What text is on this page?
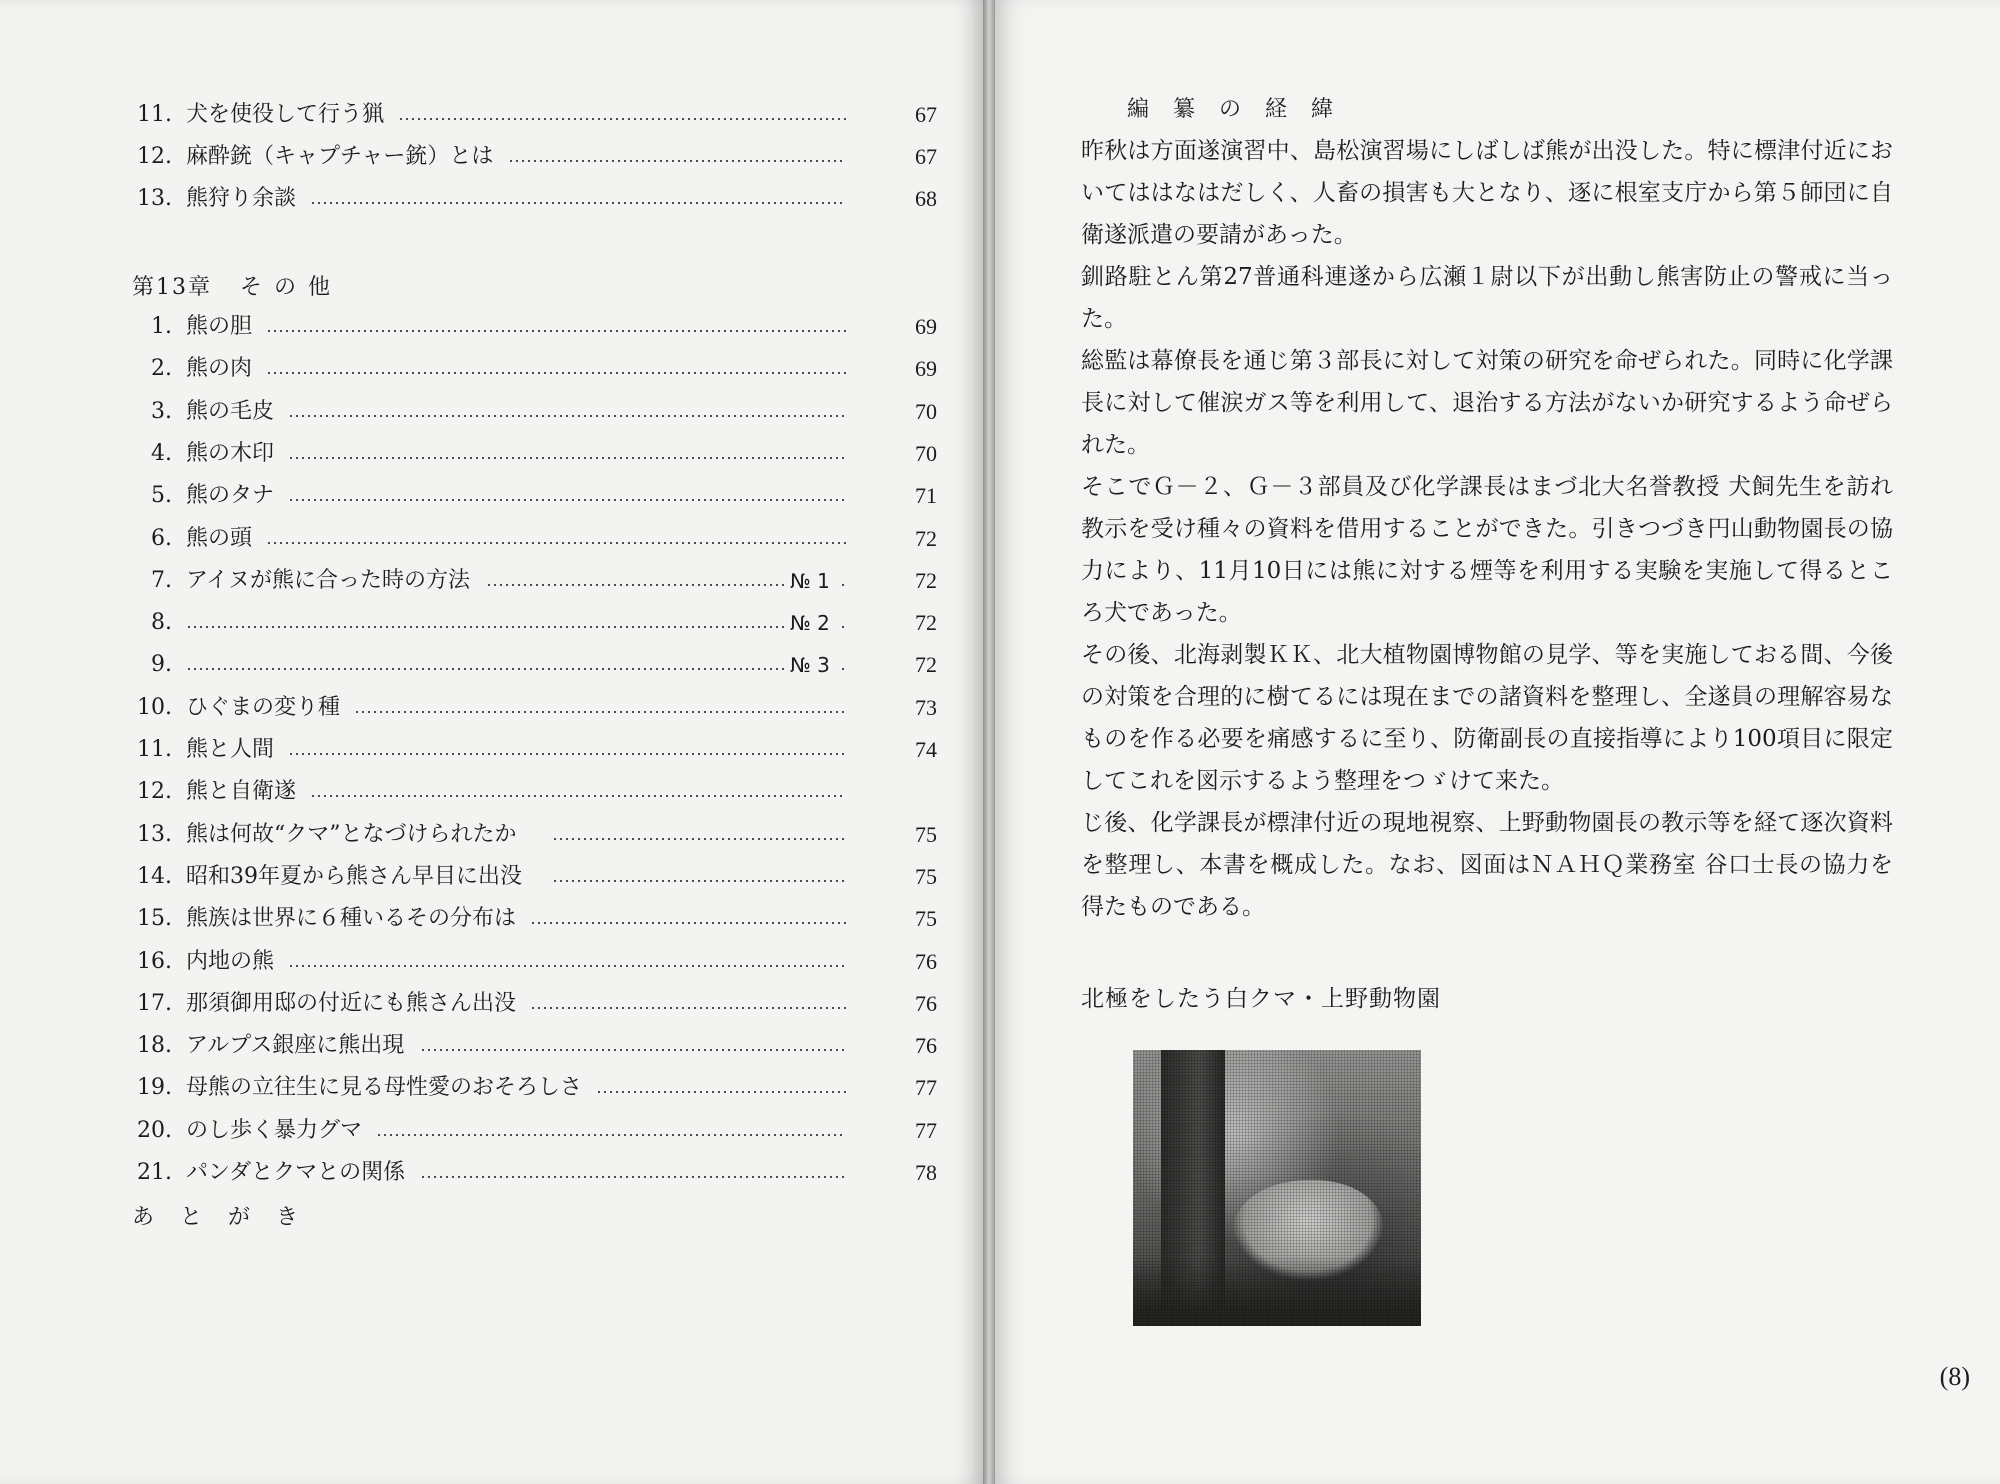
11. 犬を使役して行う猟	67
12. 麻酔銃（キャプチャー銃）とは	67
13. 熊狩り余談	68
1. 熊の胆	69
2. 熊の肉	69
3. 熊の毛皮	70
4. 熊の木印	70
5. 熊のタナ	71
6. 熊の頭	72
7. アイヌが熊に合った時の方法	№ 1	72
8.	№ 2	72
9.	№ 3	72
10. ひぐまの変り種	73
11. 熊と人間	74
12. 熊と自衛遂
13. 熊は何故“クマ”となづけられたか	75
14. 昭和39年夏から熊さん早目に出没	75
15. 熊族は世界に６種いるその分布は	75
16. 内地の熊	76
17. 那須御用邸の付近にも熊さん出没	76
18. アルプス銀座に熊出現	76
19. 母熊の立往生に見る母性愛のおそろしさ	77
20. のし歩く暴力グマ	77
21. パンダとクマとの関係	78
第13章 その他
あとがき
編纂の経緯
昨秋は方面遂演習中、島松演習場にしばしば熊が出没した。特に標津付近においてははなはだしく、人畜の損害も大となり、逐に根室支庁から第５師団に自衛遂派遣の要請があった。
釧路駐とん第27普通科連遂から広瀬１尉以下が出動し熊害防止の警戒に当った。
総監は幕僚長を通じ第３部長に対して対策の研究を命ぜられた。同時に化学課長に対して催涙ガス等を利用して、退治する方法がないか研究するよう命ぜられた。
そこでＧ－２、Ｇ－３部員及び化学課長はまづ北大名誉教授 犬飼先生を訪れ教示を受け種々の資料を借用することができた。引きつづき円山動物園長の協力により、11月10日には熊に対する煙等を利用する実験を実施して得るところ犬であった。
その後、北海剥製ＫＫ、北大植物園博物館の見学、等を実施しておる間、今後の対策を合理的に樹てるには現在までの諸資料を整理し、全遂員の理解容易なものを作る必要を痛感するに至り、防衛副長の直接指導により100項目に限定してこれを図示するよう整理をつゞけて来た。
じ後、化学課長が標津付近の現地視察、上野動物園長の教示等を経て逐次資料を整理し、本書を概成した。なお、図面はＮＡＨＱ業務室 谷口士長の協力を得たものである。
北極をしたう白クマ・上野動物園
(8)
